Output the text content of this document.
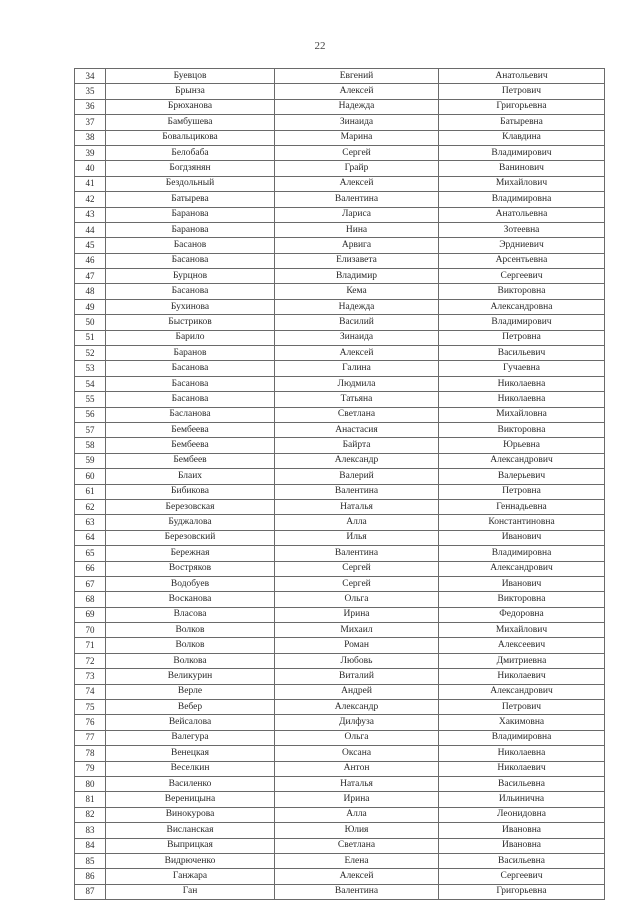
22
34	Буевцов	Евгений	Анатольевич
35	Брынза	Алексей	Петрович
36	Брюханова	Надежда	Григорьевна
37	Бамбушева	Зинаида	Батыревна
38	Бовальцикова	Марина	Клавдина
39	Белобаба	Сергей	Владимирович
40	Богдзянян	Грайр	Ванинович
41	Бездольный	Алексей	Михайлович
42	Батырева	Валентина	Владимировна
43	Баранова	Лариса	Анатольевна
44	Баранова	Нина	Зотеевна
45	Басанов	Арвига	Эрдниевич
46	Басанова	Елизавета	Арсентьевна
47	Бурцнов	Владимир	Сергеевич
48	Басанова	Кема	Викторовна
49	Бухинова	Надежда	Александровна
50	Быстриков	Василий	Владимирович
51	Барило	Зинаида	Петровна
52	Баранов	Алексей	Васильевич
53	Басанова	Галина	Гучаевна
54	Басанова	Людмила	Николаевна
55	Басанова	Татьяна	Николаевна
56	Басланова	Светлана	Михайловна
57	Бембеева	Анастасия	Викторовна
58	Бембеева	Байрта	Юрьевна
59	Бембеев	Александр	Александрович
60	Блаих	Валерий	Валерьевич
61	Бибикова	Валентина	Петровна
62	Березовская	Наталья	Геннадьевна
63	Буджалова	Алла	Константиновна
64	Березовский	Илья	Иванович
65	Бережная	Валентина	Владимировна
66	Востряков	Сергей	Александрович
67	Водобуев	Сергей	Иванович
68	Восканова	Ольга	Викторовна
69	Власова	Ирина	Федоровна
70	Волков	Михаил	Михайлович
71	Волков	Роман	Алексеевич
72	Волкова	Любовь	Дмитриевна
73	Великурин	Виталий	Николаевич
74	Верле	Андрей	Александрович
75	Вебер	Александр	Петрович
76	Вейсалова	Дилфуза	Хакимовна
77	Валегура	Ольга	Владимировна
78	Венецкая	Оксана	Николаевна
79	Веселкин	Антон	Николаевич
80	Василенко	Наталья	Васильевна
81	Вереницына	Ирина	Ильинична
82	Винокурова	Алла	Леонидовна
83	Висланская	Юлия	Ивановна
84	Выприцкая	Светлана	Ивановна
85	Видрюченко	Елена	Васильевна
86	Ганжара	Алексей	Сергеевич
87	Ган	Валентина	Григорьевна
